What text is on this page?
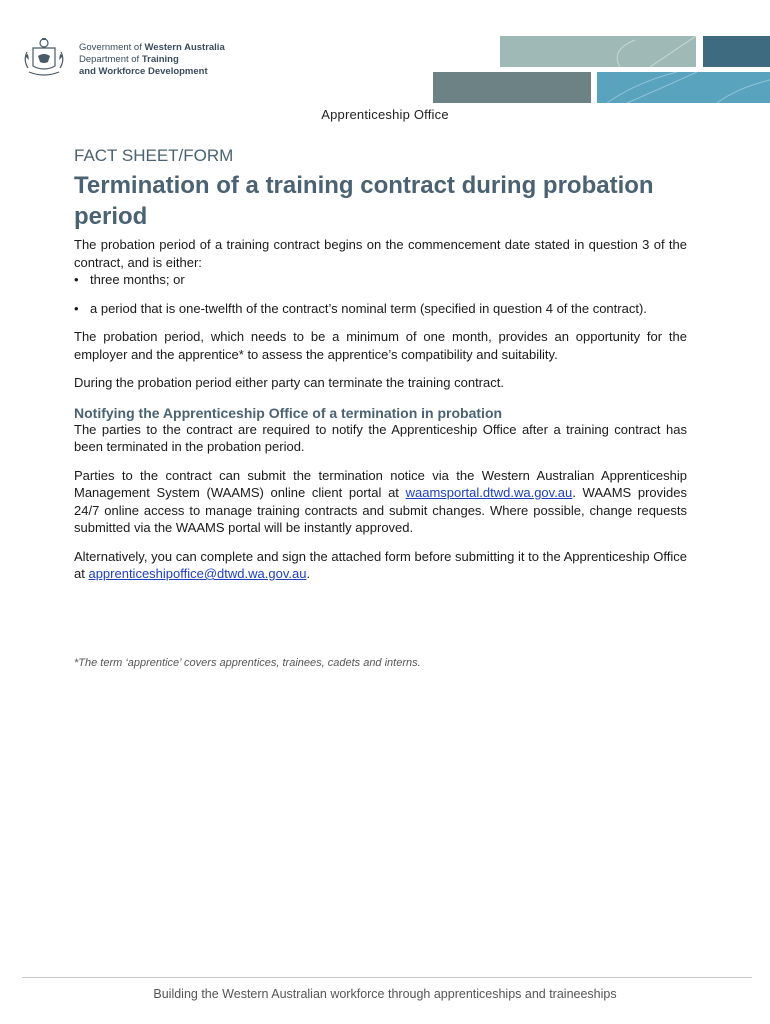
Government of Western Australia
Department of Training
and Workforce Development
Apprenticeship Office
FACT SHEET/FORM
Termination of a training contract during probation period

The probation period of a training contract begins on the commencement date stated in question 3 of the contract, and is either:

• three months; or
• a period that is one-twelfth of the contract’s nominal term (specified in question 4 of the contract).

The probation period, which needs to be a minimum of one month, provides an opportunity for the employer and the apprentice* to assess the apprentice’s compatibility and suitability.

During the probation period either party can terminate the training contract.

Notifying the Apprenticeship Office of a termination in probation

The parties to the contract are required to notify the Apprenticeship Office after a training contract has been terminated in the probation period.

Parties to the contract can submit the termination notice via the Western Australian Apprenticeship Management System (WAAMS) online client portal at waamsportal.dtwd.wa.gov.au. WAAMS provides 24/7 online access to manage training contracts and submit changes. Where possible, change requests submitted via the WAAMS portal will be instantly approved.

Alternatively, you can complete and sign the attached form before submitting it to the Apprenticeship Office at apprenticeshipoffice@dtwd.wa.gov.au.

*The term ‘apprentice’ covers apprentices, trainees, cadets and interns.
Building the Western Australian workforce through apprenticeships and traineeships
